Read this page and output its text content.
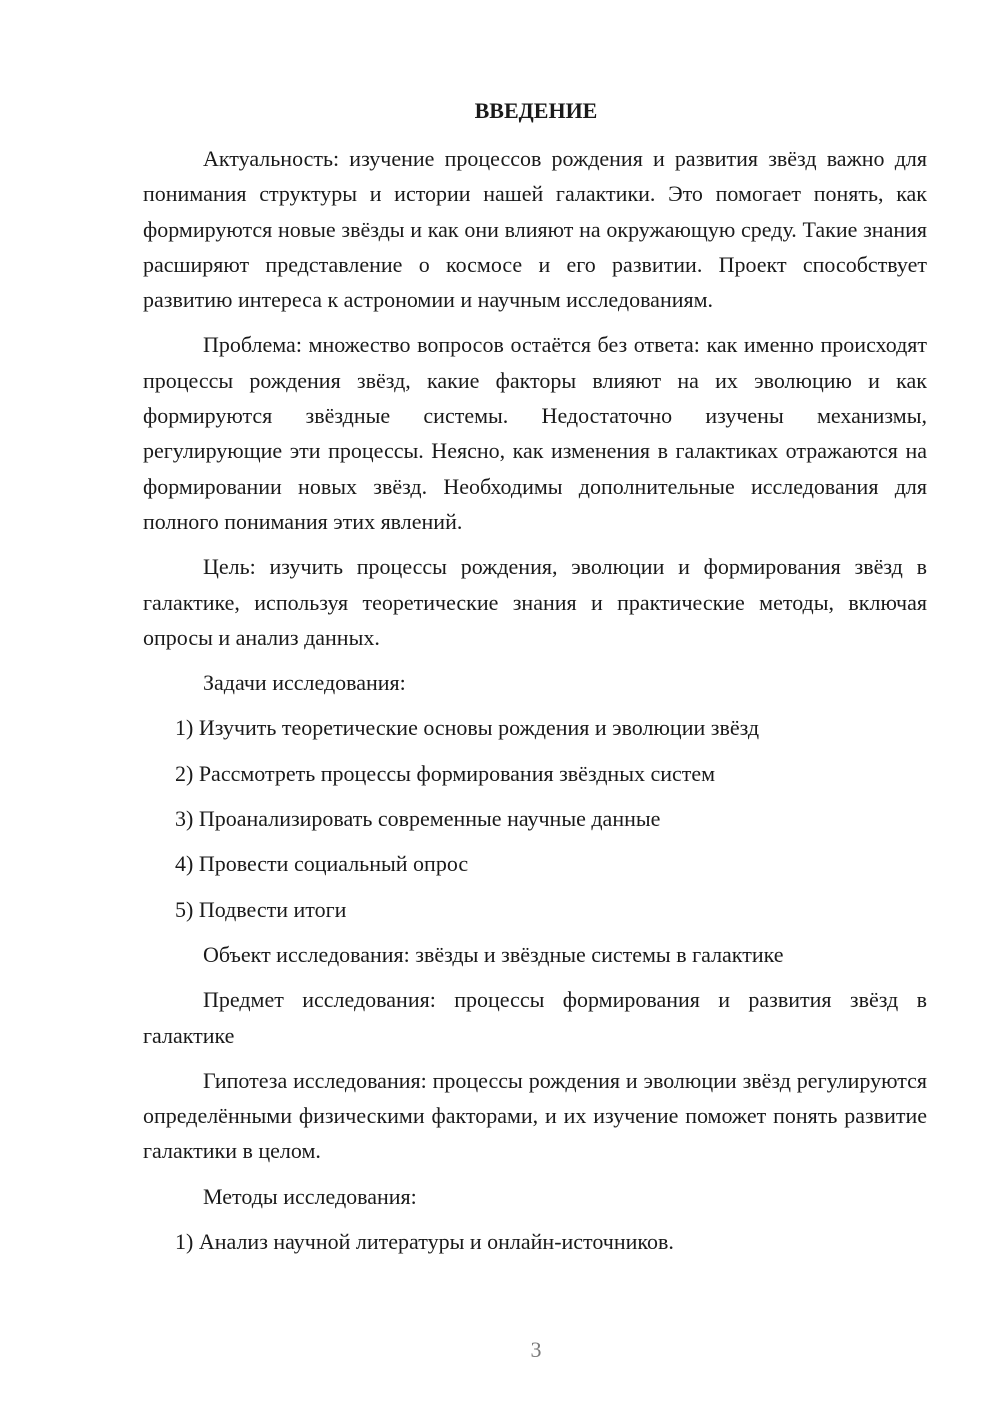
ВВЕДЕНИЕ

Актуальность: изучение процессов рождения и развития звёзд важно для понимания структуры и истории нашей галактики. Это помогает понять, как формируются новые звёзды и как они влияют на окружающую среду. Такие знания расширяют представление о космосе и его развитии. Проект способствует развитию интереса к астрономии и научным исследованиям.

Проблема: множество вопросов остаётся без ответа: как именно происходят процессы рождения звёзд, какие факторы влияют на их эволюцию и как формируются звёздные системы. Недостаточно изучены механизмы, регулирующие эти процессы. Неясно, как изменения в галактиках отражаются на формировании новых звёзд. Необходимы дополнительные исследования для полного понимания этих явлений.

Цель: изучить процессы рождения, эволюции и формирования звёзд в галактике, используя теоретические знания и практические методы, включая опросы и анализ данных.

Задачи исследования:

1) Изучить теоретические основы рождения и эволюции звёзд

2) Рассмотреть процессы формирования звёздных систем

3) Проанализировать современные научные данные

4) Провести социальный опрос

5) Подвести итоги

Объект исследования: звёзды и звёздные системы в галактике

Предмет исследования: процессы формирования и развития звёзд в галактике

Гипотеза исследования: процессы рождения и эволюции звёзд регулируются определёнными физическими факторами, и их изучение поможет понять развитие галактики в целом.

Методы исследования:

1) Анализ научной литературы и онлайн-источников.

3
